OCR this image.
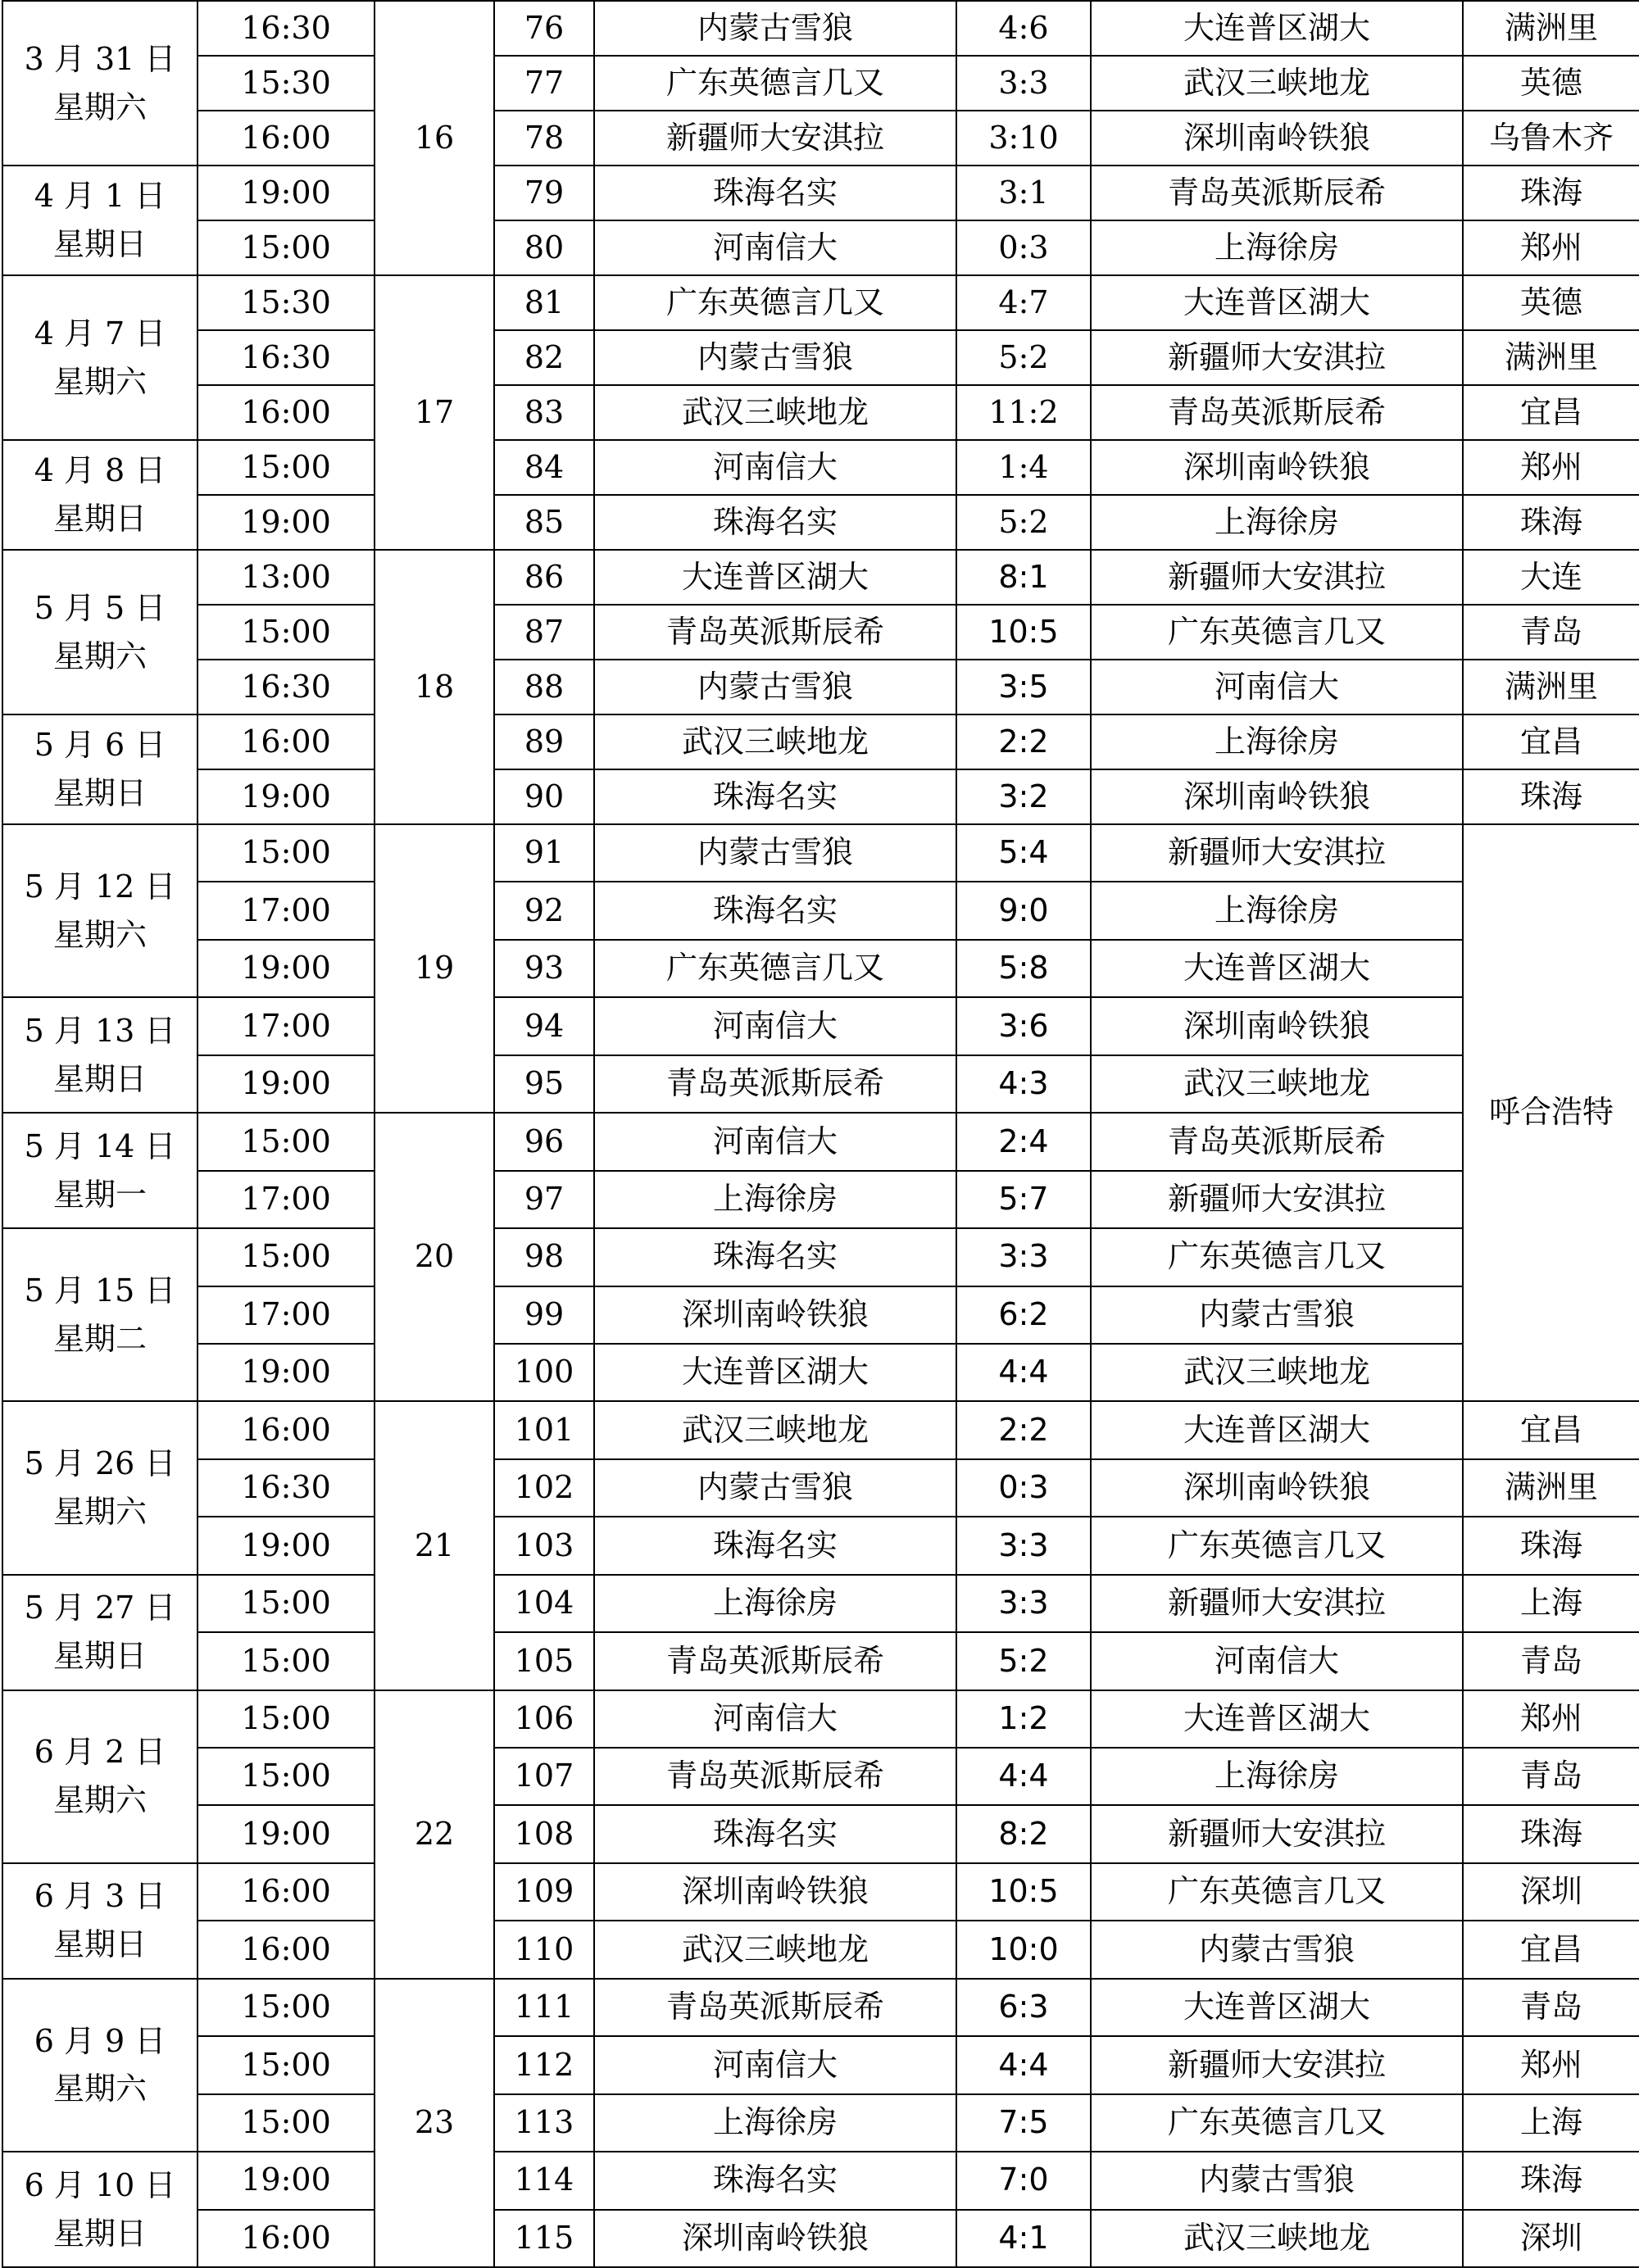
3 月 31 日
星期六	16:30	16	76	内蒙古雪狼	4:6	大连普区湖大	满洲里
	15:30		77	广东英德言几又	3:3	武汉三峡地龙	英德
	16:00		78	新疆师大安淇拉	3:10	深圳南岭铁狼	乌鲁木齐

4 月 1 日
星期日	19:00		79	珠海名实	3:1	青岛英派斯辰希	珠海
	15:00		80	河南信大	0:3	上海徐房	郑州

4 月 7 日
星期六	15:30	17	81	广东英德言几又	4:7	大连普区湖大	英德
	16:30		82	内蒙古雪狼	5:2	新疆师大安淇拉	满洲里
	16:00		83	武汉三峡地龙	11:2	青岛英派斯辰希	宜昌

4 月 8 日
星期日	15:00		84	河南信大	1:4	深圳南岭铁狼	郑州
	19:00		85	珠海名实	5:2	上海徐房	珠海

5 月 5 日
星期六	13:00	18	86	大连普区湖大	8:1	新疆师大安淇拉	大连
	15:00		87	青岛英派斯辰希	10:5	广东英德言几又	青岛
	16:30		88	内蒙古雪狼	3:5	河南信大	满洲里

5 月 6 日
星期日	16:00		89	武汉三峡地龙	2:2	上海徐房	宜昌
	19:00		90	珠海名实	3:2	深圳南岭铁狼	珠海

5 月 12 日
星期六	15:00	19	91	内蒙古雪狼	5:4	新疆师大安淇拉	呼合浩特
	17:00		92	珠海名实	9:0	上海徐房	
	19:00		93	广东英德言几又	5:8	大连普区湖大	

5 月 13 日
星期日	17:00		94	河南信大	3:6	深圳南岭铁狼	
	19:00		95	青岛英派斯辰希	4:3	武汉三峡地龙	

5 月 14 日
星期一	15:00	20	96	河南信大	2:4	青岛英派斯辰希	
	17:00		97	上海徐房	5:7	新疆师大安淇拉	

5 月 15 日
星期二	15:00		98	珠海名实	3:3	广东英德言几又	
	17:00		99	深圳南岭铁狼	6:2	内蒙古雪狼	
	19:00		100	大连普区湖大	4:4	武汉三峡地龙	

5 月 26 日
星期六	16:00	21	101	武汉三峡地龙	2:2	大连普区湖大	宜昌
	16:30		102	内蒙古雪狼	0:3	深圳南岭铁狼	满洲里
	19:00		103	珠海名实	3:3	广东英德言几又	珠海

5 月 27 日
星期日	15:00		104	上海徐房	3:3	新疆师大安淇拉	上海
	15:00		105	青岛英派斯辰希	5:2	河南信大	青岛

6 月 2 日
星期六	15:00	22	106	河南信大	1:2	大连普区湖大	郑州
	15:00		107	青岛英派斯辰希	4:4	上海徐房	青岛
	19:00		108	珠海名实	8:2	新疆师大安淇拉	珠海

6 月 3 日
星期日	16:00		109	深圳南岭铁狼	10:5	广东英德言几又	深圳
	16:00		110	武汉三峡地龙	10:0	内蒙古雪狼	宜昌

6 月 9 日
星期六	15:00	23	111	青岛英派斯辰希	6:3	大连普区湖大	青岛
	15:00		112	河南信大	4:4	新疆师大安淇拉	郑州
	15:00		113	上海徐房	7:5	广东英德言几又	上海

6 月 10 日
星期日	19:00		114	珠海名实	7:0	内蒙古雪狼	珠海
	16:00		115	深圳南岭铁狼	4:1	武汉三峡地龙	深圳
